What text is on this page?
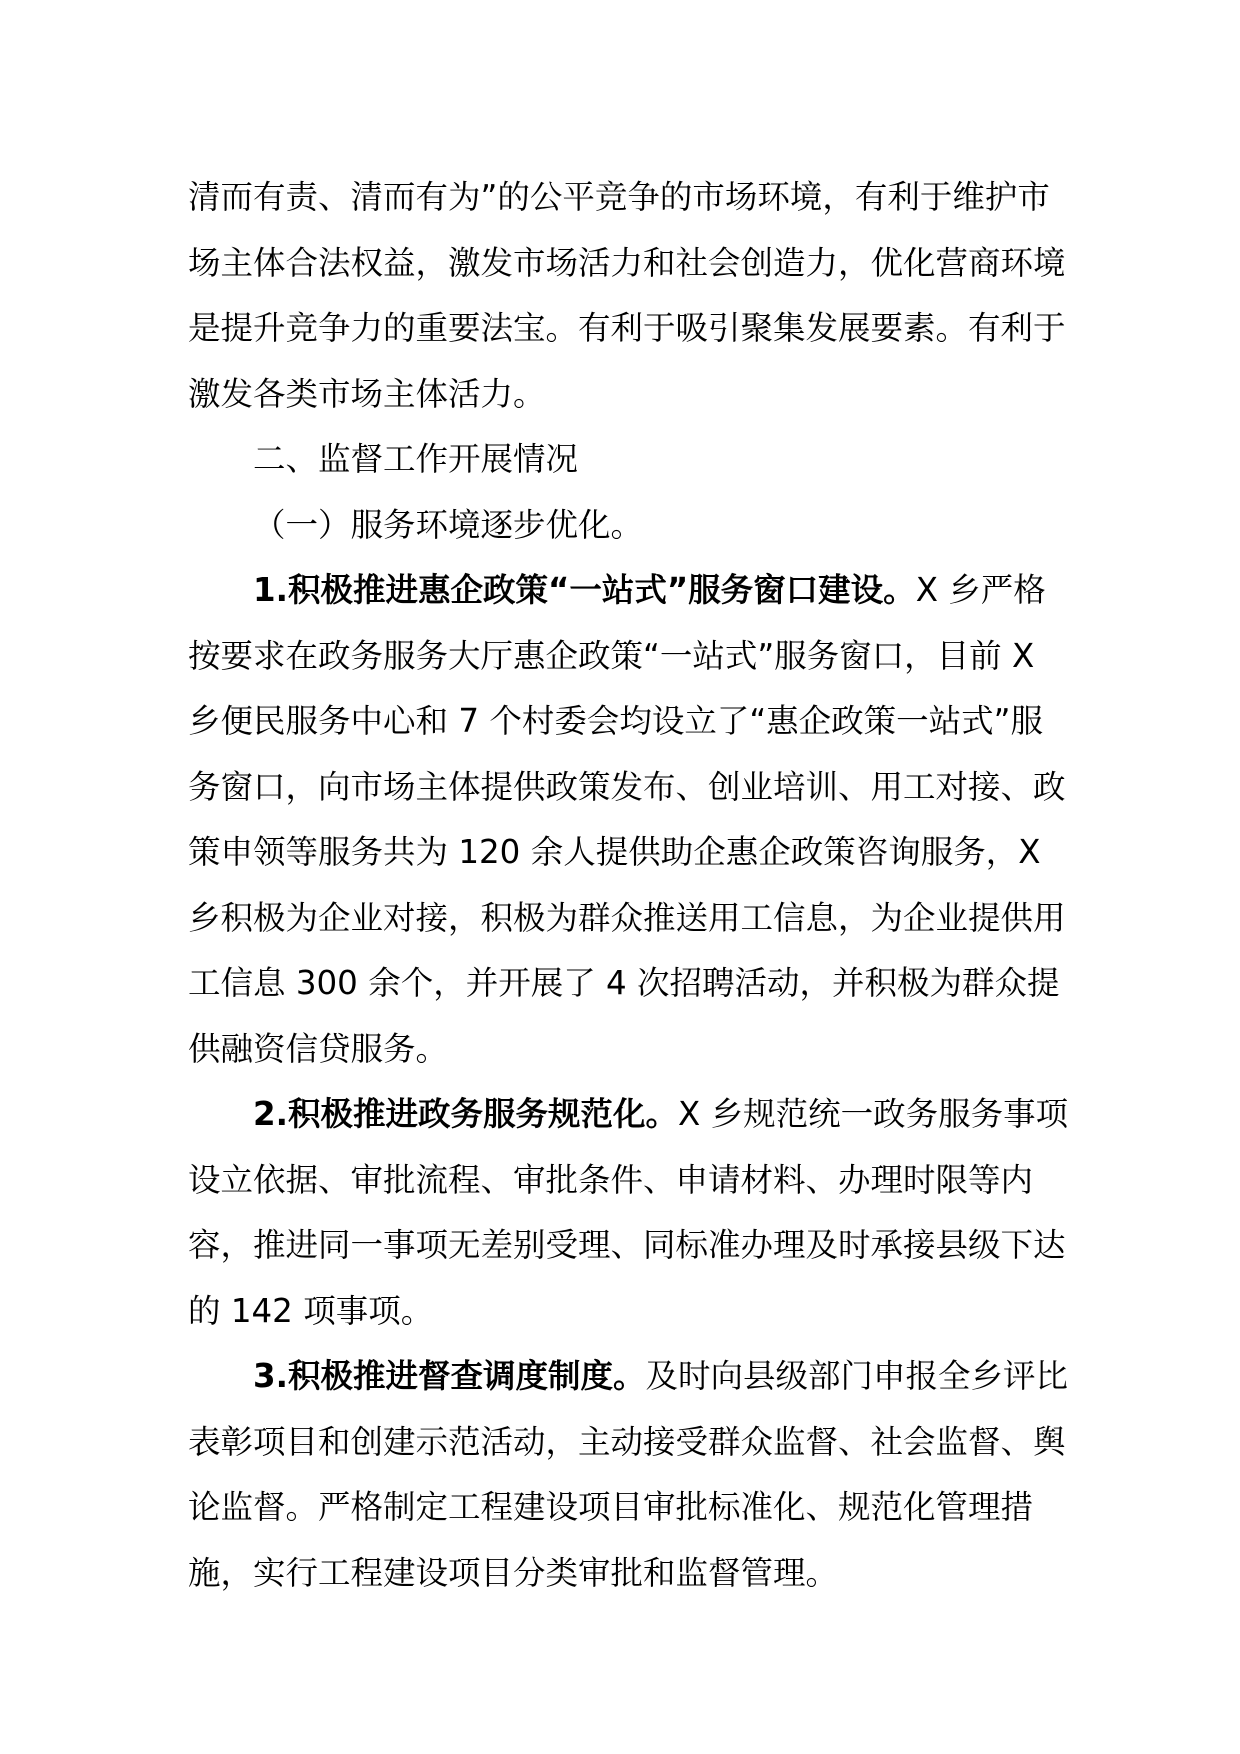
清而有责、清而有为”的公平竞争的市场环境，有利于维护市场主体合法权益，激发市场活力和社会创造力，优化营商环境是提升竞争力的重要法宝。有利于吸引聚集发展要素。有利于激发各类市场主体活力。

二、监督工作开展情况

（一）服务环境逐步优化。

1.积极推进惠企政策“一站式”服务窗口建设。X 乡严格按要求在政务服务大厅惠企政策“一站式”服务窗口，目前 X 乡便民服务中心和 7 个村委会均设立了“惠企政策一站式”服务窗口，向市场主体提供政策发布、创业培训、用工对接、政策申领等服务共为 120 余人提供助企惠企政策咨询服务，X 乡积极为企业对接，积极为群众推送用工信息，为企业提供用工信息 300 余个，并开展了 4 次招聘活动，并积极为群众提供融资信贷服务。

2.积极推进政务服务规范化。X 乡规范统一政务服务事项设立依据、审批流程、审批条件、申请材料、办理时限等内容，推进同一事项无差别受理、同标准办理及时承接县级下达的 142 项事项。

3.积极推进督查调度制度。及时向县级部门申报全乡评比表彰项目和创建示范活动，主动接受群众监督、社会监督、舆论监督。严格制定工程建设项目审批标准化、规范化管理措施，实行工程建设项目分类审批和监督管理。
